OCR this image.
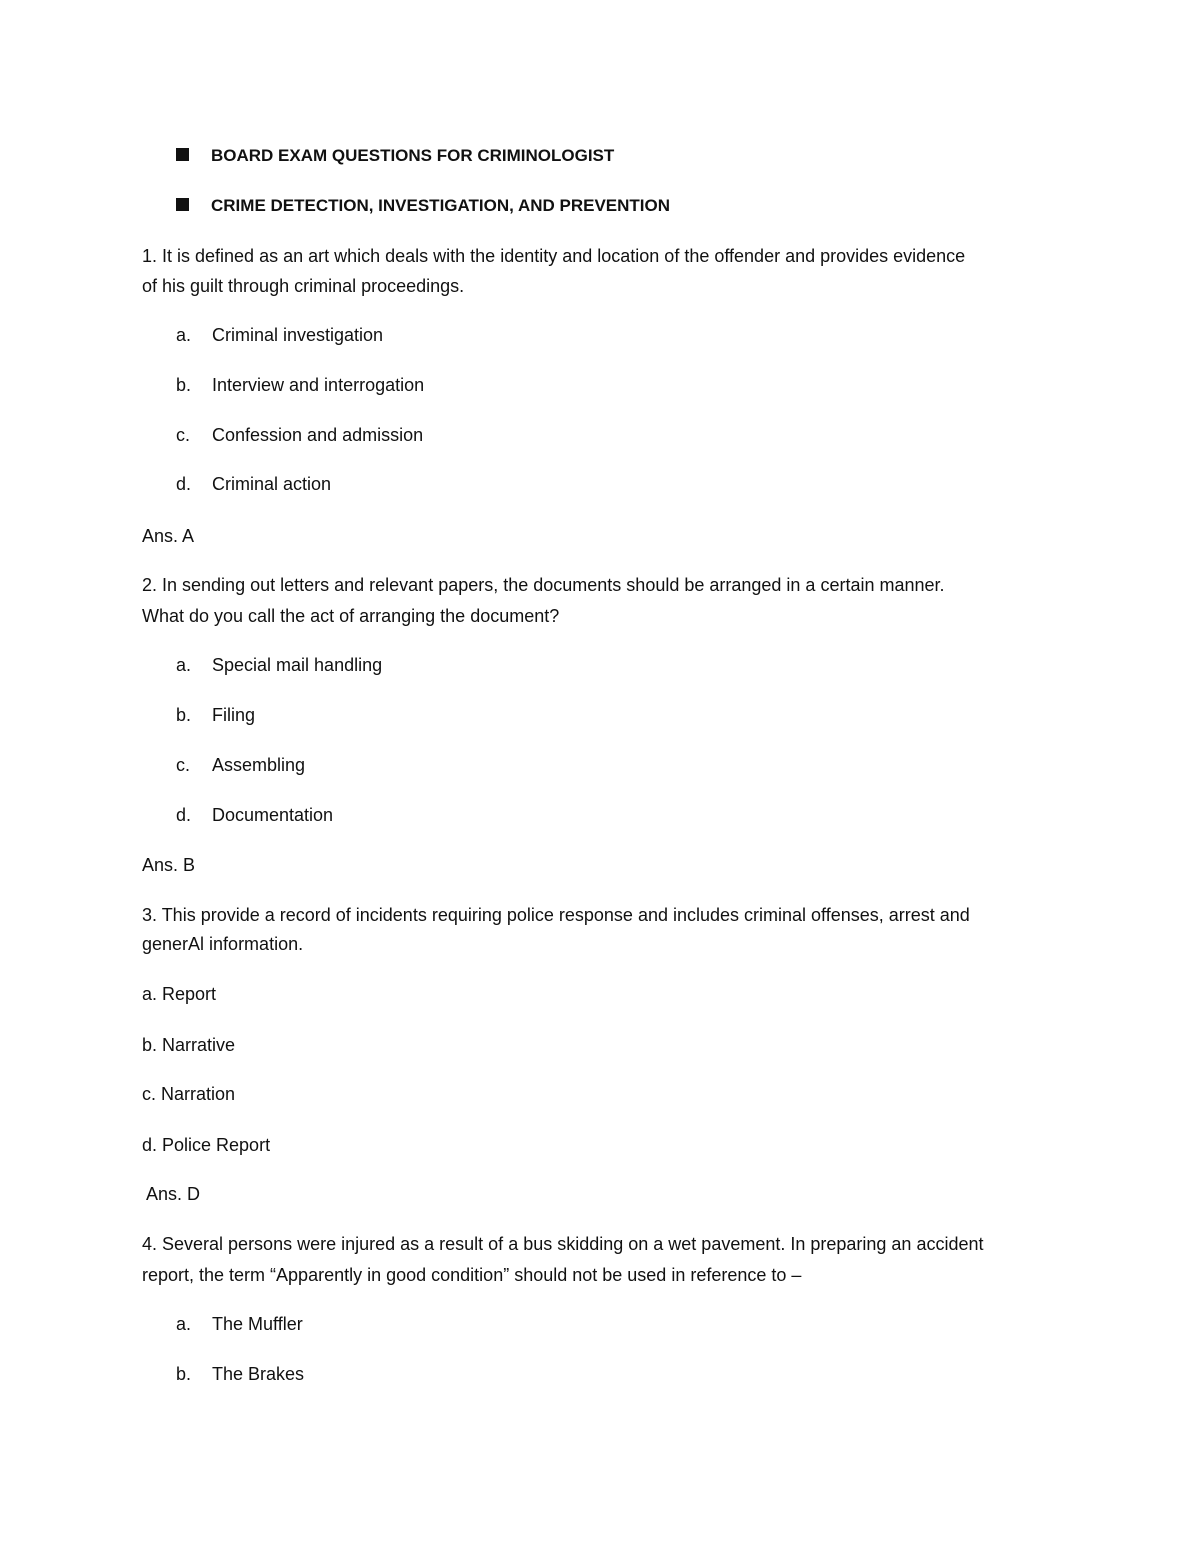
BOARD EXAM QUESTIONS FOR CRIMINOLOGIST
CRIME DETECTION, INVESTIGATION, AND PREVENTION
1. It is defined as an art which deals with the identity and location of the offender and provides evidence
of his guilt through criminal proceedings.
a. Criminal investigation
b. Interview and interrogation
c. Confession and admission
d. Criminal action
Ans. A
2. In sending out letters and relevant papers, the documents should be arranged in a certain manner.
What do you call the act of arranging the document?
a. Special mail handling
b. Filing
c. Assembling
d. Documentation
Ans. B
3. This provide a record of incidents requiring police response and includes criminal offenses, arrest and
generAl information.
a. Report
b. Narrative
c. Narration
d. Police Report
Ans. D
4. Several persons were injured as a result of a bus skidding on a wet pavement. In preparing an accident
report, the term “Apparently in good condition” should not be used in reference to –
a. The Muffler
b. The Brakes
